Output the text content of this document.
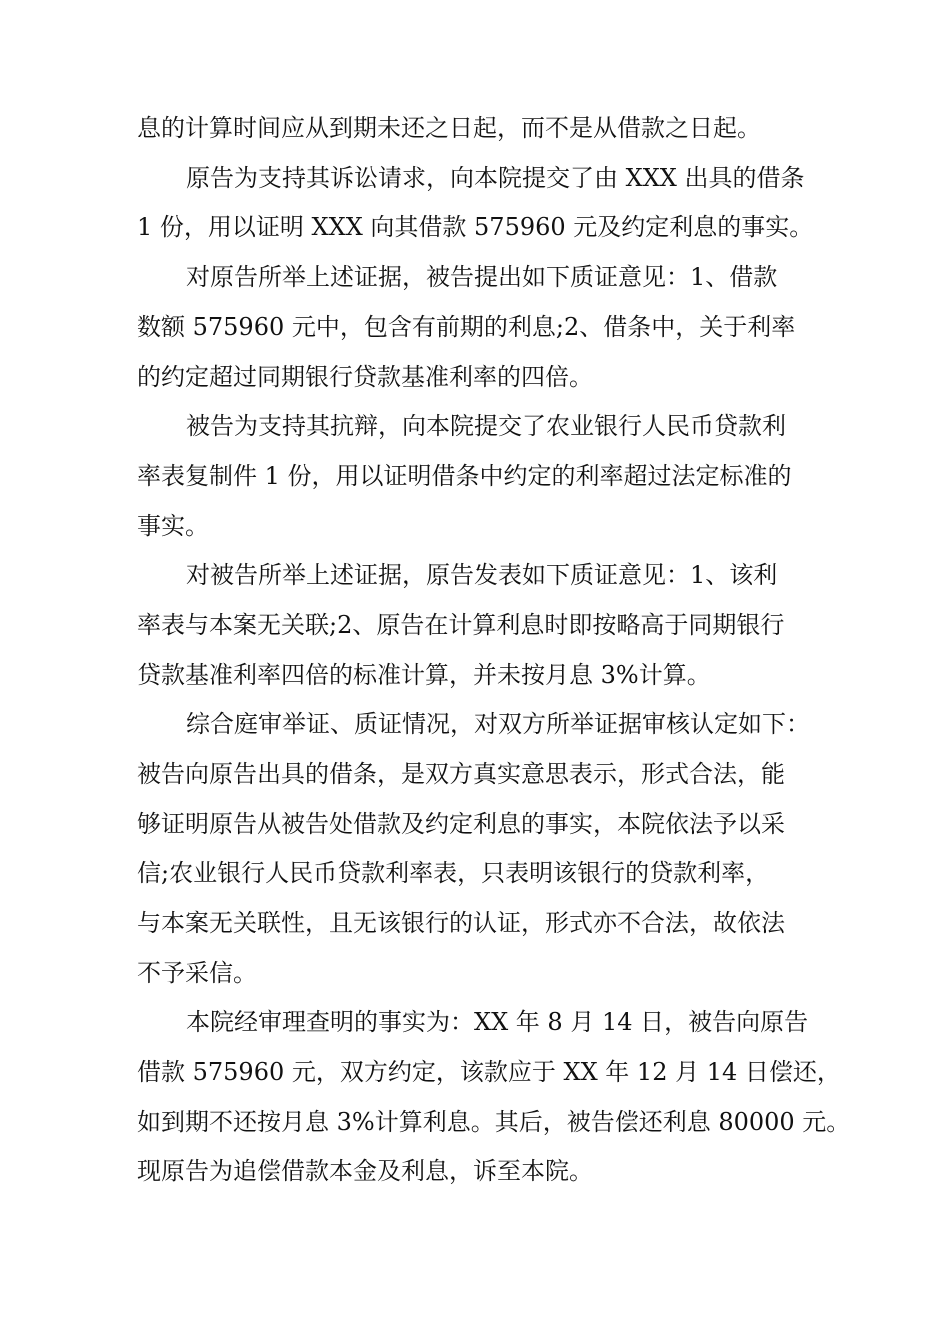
息的计算时间应从到期未还之日起，而不是从借款之日起。
原告为支持其诉讼请求，向本院提交了由 XXX 出具的借条
1 份，用以证明 XXX 向其借款 575960 元及约定利息的事实。
对原告所举上述证据，被告提出如下质证意见：1、借款
数额 575960 元中，包含有前期的利息;2、借条中，关于利率
的约定超过同期银行贷款基准利率的四倍。
被告为支持其抗辩，向本院提交了农业银行人民币贷款利
率表复制件 1 份，用以证明借条中约定的利率超过法定标准的
事实。
对被告所举上述证据，原告发表如下质证意见：1、该利
率表与本案无关联;2、原告在计算利息时即按略高于同期银行
贷款基准利率四倍的标准计算，并未按月息 3%计算。
综合庭审举证、质证情况，对双方所举证据审核认定如下：
被告向原告出具的借条，是双方真实意思表示，形式合法，能
够证明原告从被告处借款及约定利息的事实，本院依法予以采
信;农业银行人民币贷款利率表，只表明该银行的贷款利率，
与本案无关联性，且无该银行的认证，形式亦不合法，故依法
不予采信。
本院经审理查明的事实为：XX 年 8 月 14 日，被告向原告
借款 575960 元，双方约定，该款应于 XX 年 12 月 14 日偿还，
如到期不还按月息 3%计算利息。其后，被告偿还利息 80000 元。
现原告为追偿借款本金及利息，诉至本院。
